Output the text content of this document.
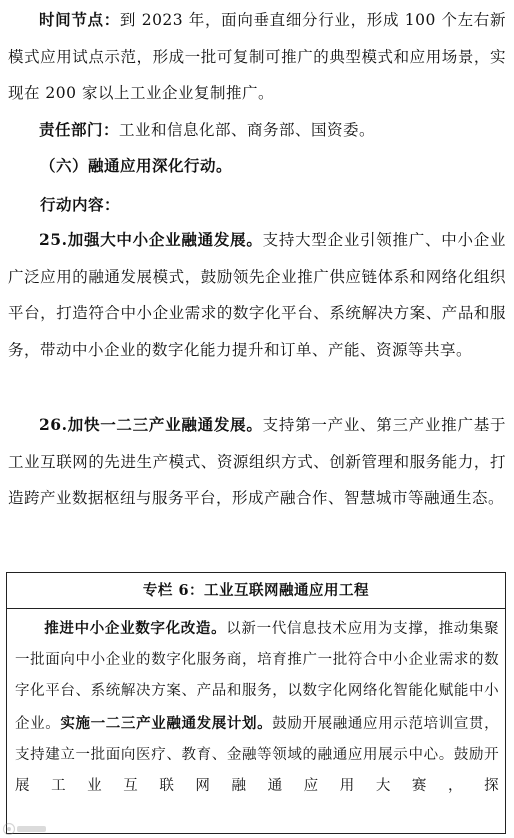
时间节点：到 2023 年，面向垂直细分行业，形成 100 个左右新模式应用试点示范，形成一批可复制可推广的典型模式和应用场景，实现在 200 家以上工业企业复制推广。

责任部门：工业和信息化部、商务部、国资委。

（六）融通应用深化行动。

行动内容：

25.加强大中小企业融通发展。支持大型企业引领推广、中小企业广泛应用的融通发展模式，鼓励领先企业推广供应链体系和网络化组织平台，打造符合中小企业需求的数字化平台、系统解决方案、产品和服务，带动中小企业的数字化能力提升和订单、产能、资源等共享。

26.加快一二三产业融通发展。支持第一产业、第三产业推广基于工业互联网的先进生产模式、资源组织方式、创新管理和服务能力，打造跨产业数据枢纽与服务平台，形成产融合作、智慧城市等融通生态。

专栏 6：工业互联网融通应用工程

推进中小企业数字化改造。以新一代信息技术应用为支撑，推动集聚一批面向中小企业的数字化服务商，培育推广一批符合中小企业需求的数字化平台、系统解决方案、产品和服务，以数字化网络化智能化赋能中小企业。实施一二三产业融通发展计划。鼓励开展融通应用示范培训宣贯，支持建立一批面向医疗、教育、金融等领域的融通应用展示中心。鼓励开展工业互联网融通应用大赛，探
